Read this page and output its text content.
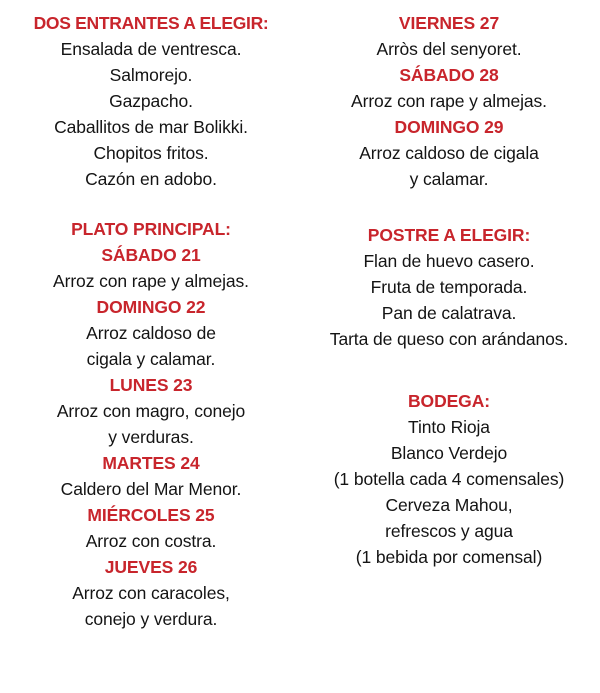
DOS ENTRANTES A ELEGIR:
Ensalada de ventresca.
Salmorejo.
Gazpacho.
Caballitos de mar Bolikki.
Chopitos fritos.
Cazón en adobo.
PLATO PRINCIPAL:
SÁBADO 21
Arroz con rape y almejas.
DOMINGO 22
Arroz caldoso de
cigala y calamar.
LUNES 23
Arroz con magro, conejo
y verduras.
MARTES 24
Caldero del Mar Menor.
MIÉRCOLES 25
Arroz con costra.
JUEVES 26
Arroz con caracoles,
conejo y verdura.
VIERNES 27
Arròs del senyoret.
SÁBADO 28
Arroz con rape y almejas.
DOMINGO 29
Arroz caldoso de cigala
y calamar.
POSTRE A ELEGIR:
Flan de huevo casero.
Fruta de temporada.
Pan de calatrava.
Tarta de queso con arándanos.
BODEGA:
Tinto Rioja
Blanco Verdejo
(1 botella cada 4 comensales)
Cerveza Mahou,
refrescos y agua
(1 bebida por comensal)
